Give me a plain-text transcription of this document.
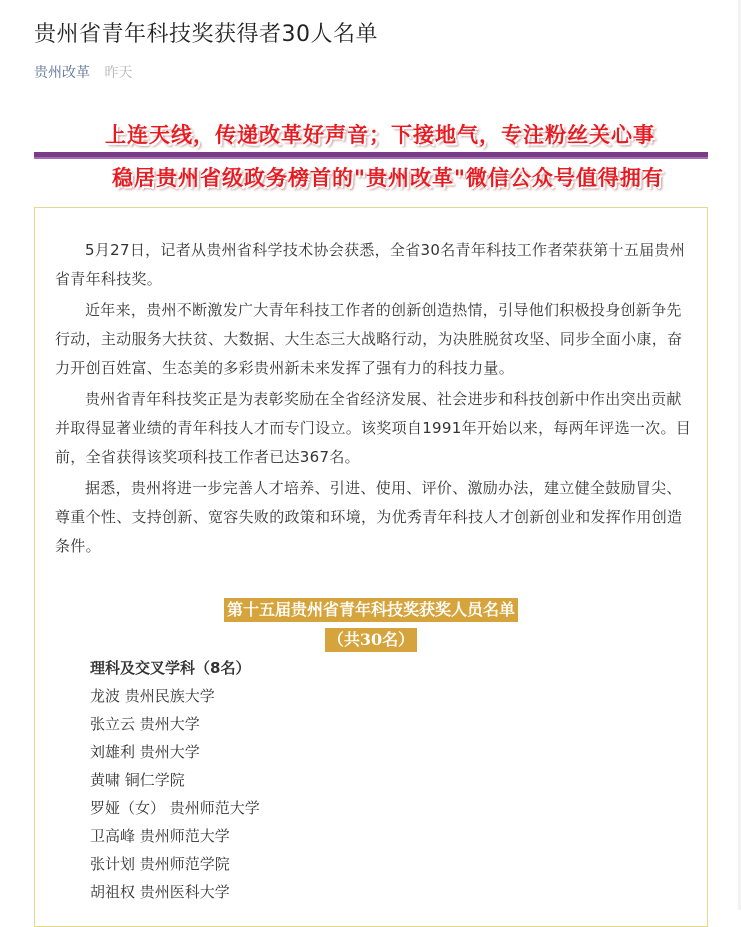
贵州省青年科技奖获得者30人名单
贵州改革 昨天
上连天线，传递改革好声音；下接地气，专注粉丝关心事
稳居贵州省级政务榜首的"贵州改革"微信公众号值得拥有

5月27日，记者从贵州省科学技术协会获悉，全省30名青年科技工作者荣获第十五届贵州省青年科技奖。

近年来，贵州不断激发广大青年科技工作者的创新创造热情，引导他们积极投身创新争先行动，主动服务大扶贫、大数据、大生态三大战略行动，为决胜脱贫攻坚、同步全面小康，奋力开创百姓富、生态美的多彩贵州新未来发挥了强有力的科技力量。

贵州省青年科技奖正是为表彰奖励在全省经济发展、社会进步和科技创新中作出突出贡献并取得显著业绩的青年科技人才而专门设立。该奖项自1991年开始以来，每两年评选一次。目前，全省获得该奖项科技工作者已达367名。

据悉，贵州将进一步完善人才培养、引进、使用、评价、激励办法，建立健全鼓励冒尖、尊重个性、支持创新、宽容失败的政策和环境，为优秀青年科技人才创新创业和发挥作用创造条件。

第十五届贵州省青年科技奖获奖人员名单
（共30名）
理科及交叉学科（8名）
龙波 贵州民族大学
张立云 贵州大学
刘雄利 贵州大学
黄啸 铜仁学院
罗娅（女） 贵州师范大学
卫高峰 贵州师范大学
张计划 贵州师范学院
胡祖权 贵州医科大学
